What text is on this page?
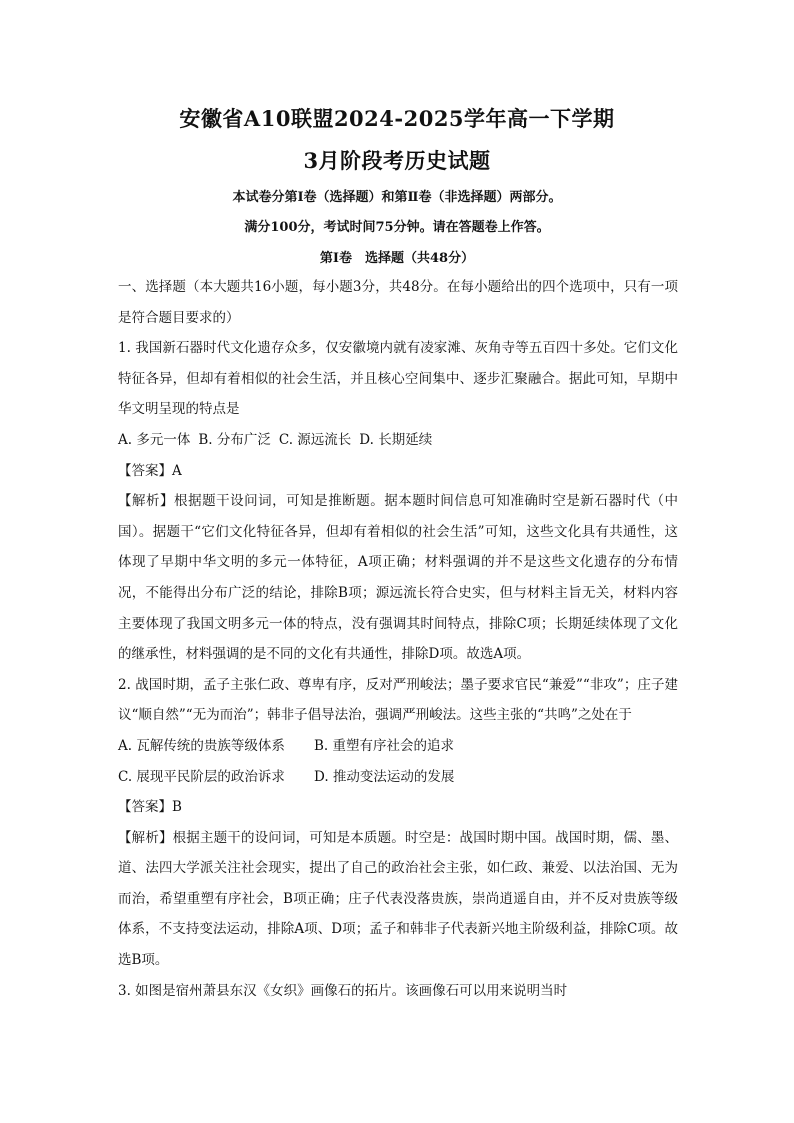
安徽省A10联盟2024-2025学年高一下学期
3月阶段考历史试题
本试卷分第Ⅰ卷（选择题）和第Ⅱ卷（非选择题）两部分。
满分100分，考试时间75分钟。请在答题卷上作答。
第Ⅰ卷　选择题（共48分）

一、选择题（本大题共16小题，每小题3分，共48分。在每小题给出的四个选项中，只有一项是符合题目要求的）

1. 我国新石器时代文化遗存众多，仅安徽境内就有凌家滩、灰角寺等五百四十多处。它们文化特征各异，但却有着相似的社会生活，并且核心空间集中、逐步汇聚融合。据此可知，早期中华文明呈现的特点是

A. 多元一体 B. 分布广泛 C. 源远流长 D. 长期延续

【答案】A

【解析】根据题干设问词，可知是推断题。据本题时间信息可知准确时空是新石器时代（中国）。据题干“它们文化特征各异，但却有着相似的社会生活”可知，这些文化具有共通性，这体现了早期中华文明的多元一体特征，A项正确；材料强调的并不是这些文化遗存的分布情况，不能得出分布广泛的结论，排除B项；源远流长符合史实，但与材料主旨无关，材料内容主要体现了我国文明多元一体的特点，没有强调其时间特点，排除C项；长期延续体现了文化的继承性，材料强调的是不同的文化有共通性，排除D项。故选A项。

2. 战国时期，孟子主张仁政、尊卑有序，反对严刑峻法；墨子要求官民“兼爱”“非攻”；庄子建议“顺自然”“无为而治”；韩非子倡导法治，强调严刑峻法。这些主张的“共鸣”之处在于

A. 瓦解传统的贵族等级体系	B. 重塑有序社会的追求
C. 展现平民阶层的政治诉求	D. 推动变法运动的发展

【答案】B

【解析】根据主题干的设问词，可知是本质题。时空是：战国时期中国。战国时期，儒、墨、道、法四大学派关注社会现实，提出了自己的政治社会主张，如仁政、兼爱、以法治国、无为而治，希望重塑有序社会，B项正确；庄子代表没落贵族，崇尚逍遥自由，并不反对贵族等级体系，不支持变法运动，排除A项、D项；孟子和韩非子代表新兴地主阶级利益，排除C项。故选B项。

3. 如图是宿州萧县东汉《女织》画像石的拓片。该画像石可以用来说明当时
